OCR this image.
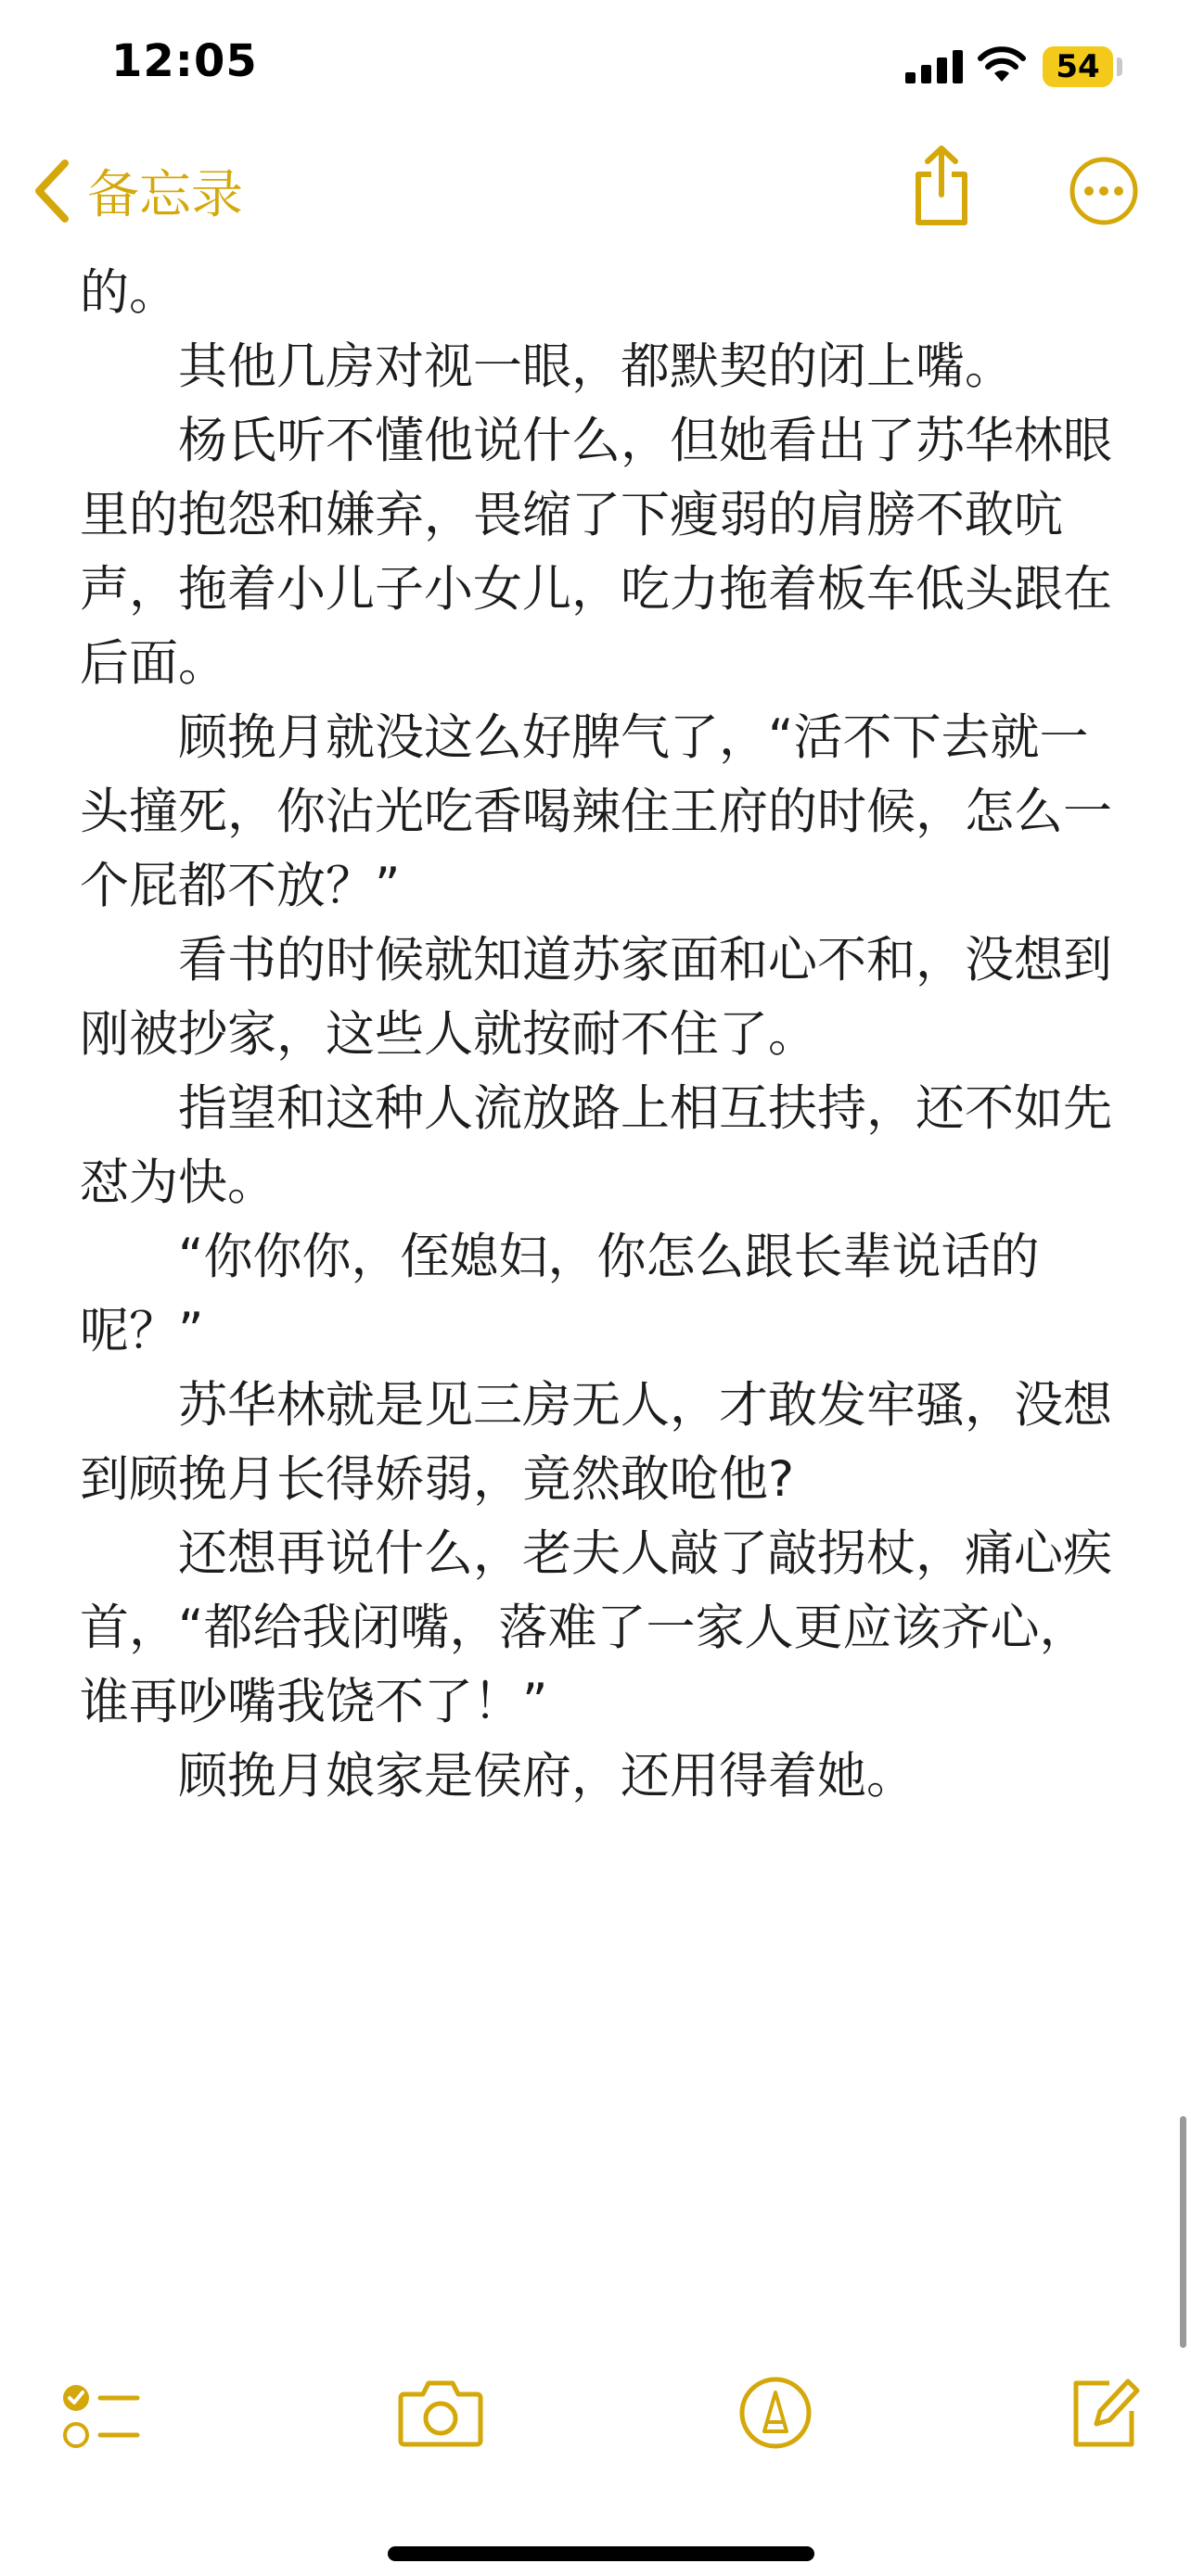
12:05	54
备忘录

的。

其他几房对视一眼，都默契的闭上嘴。

杨氏听不懂他说什么，但她看出了苏华林眼里的抱怨和嫌弃，畏缩了下瘦弱的肩膀不敢吭声，拖着小儿子小女儿，吃力拖着板车低头跟在后面。

顾挽月就没这么好脾气了，“活不下去就一头撞死，你沾光吃香喝辣住王府的时候，怎么一个屁都不放？”

看书的时候就知道苏家面和心不和，没想到刚被抄家，这些人就按耐不住了。

指望和这种人流放路上相互扶持，还不如先怼为快。

“你你你，侄媳妇，你怎么跟长辈说话的呢？”

苏华林就是见三房无人，才敢发牢骚，没想到顾挽月长得娇弱，竟然敢呛他?

还想再说什么，老夫人敲了敲拐杖，痛心疾首，“都给我闭嘴，落难了一家人更应该齐心，谁再吵嘴我饶不了！”

顾挽月娘家是侯府，还用得着她。
